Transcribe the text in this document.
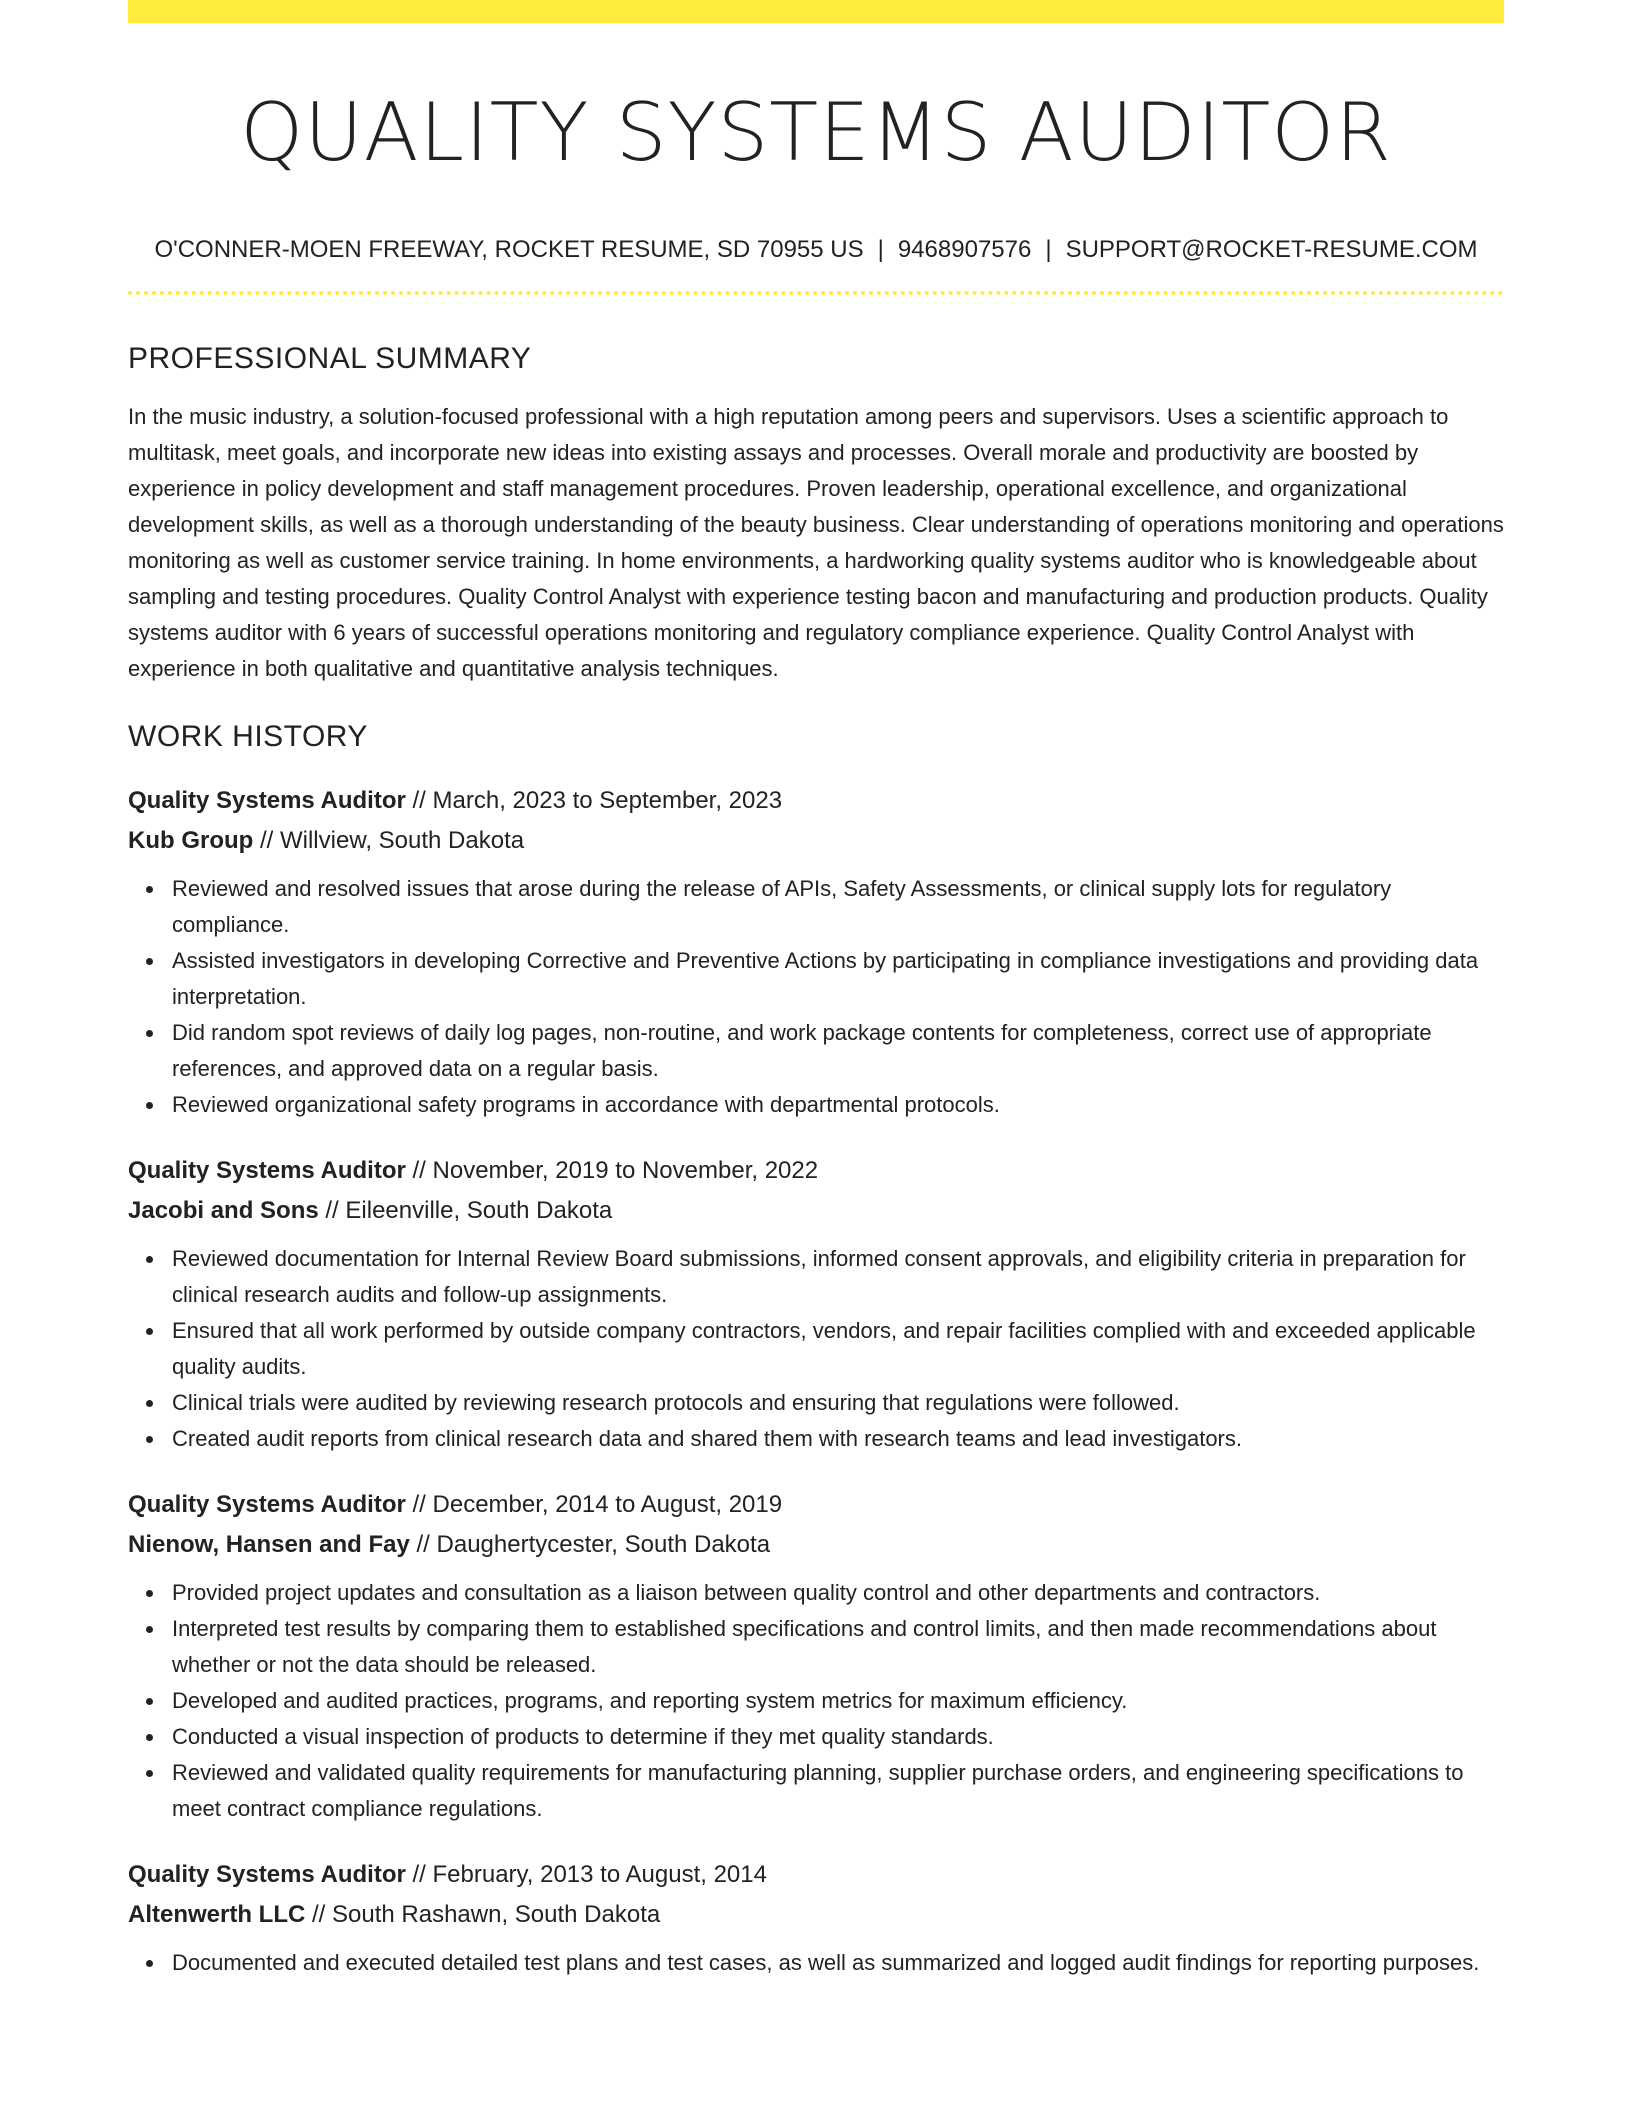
QUALITY SYSTEMS AUDITOR
O'CONNER-MOEN FREEWAY, ROCKET RESUME, SD 70955 US | 9468907576 | SUPPORT@ROCKET-RESUME.COM
PROFESSIONAL SUMMARY

In the music industry, a solution-focused professional with a high reputation among peers and supervisors. Uses a scientific approach to multitask, meet goals, and incorporate new ideas into existing assays and processes. Overall morale and productivity are boosted by experience in policy development and staff management procedures. Proven leadership, operational excellence, and organizational development skills, as well as a thorough understanding of the beauty business. Clear understanding of operations monitoring and operations monitoring as well as customer service training. In home environments, a hardworking quality systems auditor who is knowledgeable about sampling and testing procedures. Quality Control Analyst with experience testing bacon and manufacturing and production products. Quality systems auditor with 6 years of successful operations monitoring and regulatory compliance experience. Quality Control Analyst with experience in both qualitative and quantitative analysis techniques.

WORK HISTORY
Quality Systems Auditor // March, 2023 to September, 2023
Kub Group // Willview, South Dakota
Reviewed and resolved issues that arose during the release of APIs, Safety Assessments, or clinical supply lots for regulatory compliance.
Assisted investigators in developing Corrective and Preventive Actions by participating in compliance investigations and providing data interpretation.
Did random spot reviews of daily log pages, non-routine, and work package contents for completeness, correct use of appropriate references, and approved data on a regular basis.
Reviewed organizational safety programs in accordance with departmental protocols.
Quality Systems Auditor // November, 2019 to November, 2022
Jacobi and Sons // Eileenville, South Dakota
Reviewed documentation for Internal Review Board submissions, informed consent approvals, and eligibility criteria in preparation for clinical research audits and follow-up assignments.
Ensured that all work performed by outside company contractors, vendors, and repair facilities complied with and exceeded applicable quality audits.
Clinical trials were audited by reviewing research protocols and ensuring that regulations were followed.
Created audit reports from clinical research data and shared them with research teams and lead investigators.
Quality Systems Auditor // December, 2014 to August, 2019
Nienow, Hansen and Fay // Daughertycester, South Dakota
Provided project updates and consultation as a liaison between quality control and other departments and contractors.
Interpreted test results by comparing them to established specifications and control limits, and then made recommendations about whether or not the data should be released.
Developed and audited practices, programs, and reporting system metrics for maximum efficiency.
Conducted a visual inspection of products to determine if they met quality standards.
Reviewed and validated quality requirements for manufacturing planning, supplier purchase orders, and engineering specifications to meet contract compliance regulations.
Quality Systems Auditor // February, 2013 to August, 2014
Altenwerth LLC // South Rashawn, South Dakota
Documented and executed detailed test plans and test cases, as well as summarized and logged audit findings for reporting purposes.
